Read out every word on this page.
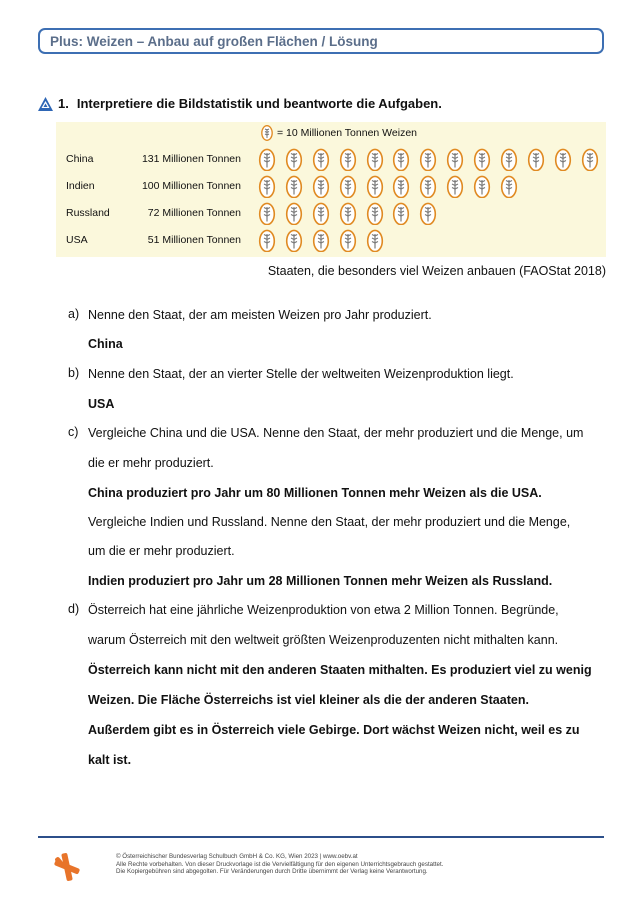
Plus: Weizen – Anbau auf großen Flächen / Lösung
1. Interpretiere die Bildstatistik und beantworte die Aufgaben.
= 10 Millionen Tonnen Weizen
China	131 Millionen Tonnen
Indien	100 Millionen Tonnen
Russland	72 Millionen Tonnen
USA	51 Millionen Tonnen
Staaten, die besonders viel Weizen anbauen (FAOStat 2018)
a) Nenne den Staat, der am meisten Weizen pro Jahr produziert.
China
b) Nenne den Staat, der an vierter Stelle der weltweiten Weizenproduktion liegt.
USA
c) Vergleiche China und die USA. Nenne den Staat, der mehr produziert und die Menge, um
die er mehr produziert.
China produziert pro Jahr um 80 Millionen Tonnen mehr Weizen als die USA.
Vergleiche Indien und Russland. Nenne den Staat, der mehr produziert und die Menge,
um die er mehr produziert.
Indien produziert pro Jahr um 28 Millionen Tonnen mehr Weizen als Russland.
d) Österreich hat eine jährliche Weizenproduktion von etwa 2 Million Tonnen. Begründe,
warum Österreich mit den weltweit größten Weizenproduzenten nicht mithalten kann.
Österreich kann nicht mit den anderen Staaten mithalten. Es produziert viel zu wenig
Weizen. Die Fläche Österreichs ist viel kleiner als die der anderen Staaten.
Außerdem gibt es in Österreich viele Gebirge. Dort wächst Weizen nicht, weil es zu
kalt ist.
© Österreichischer Bundesverlag Schulbuch GmbH & Co. KG, Wien 2023 | www.oebv.at
Alle Rechte vorbehalten. Von dieser Druckvorlage ist die Vervielfältigung für den eigenen Unterrichtsgebrauch gestattet.
Die Kopiergebühren sind abgegolten. Für Veränderungen durch Dritte übernimmt der Verlag keine Verantwortung.
